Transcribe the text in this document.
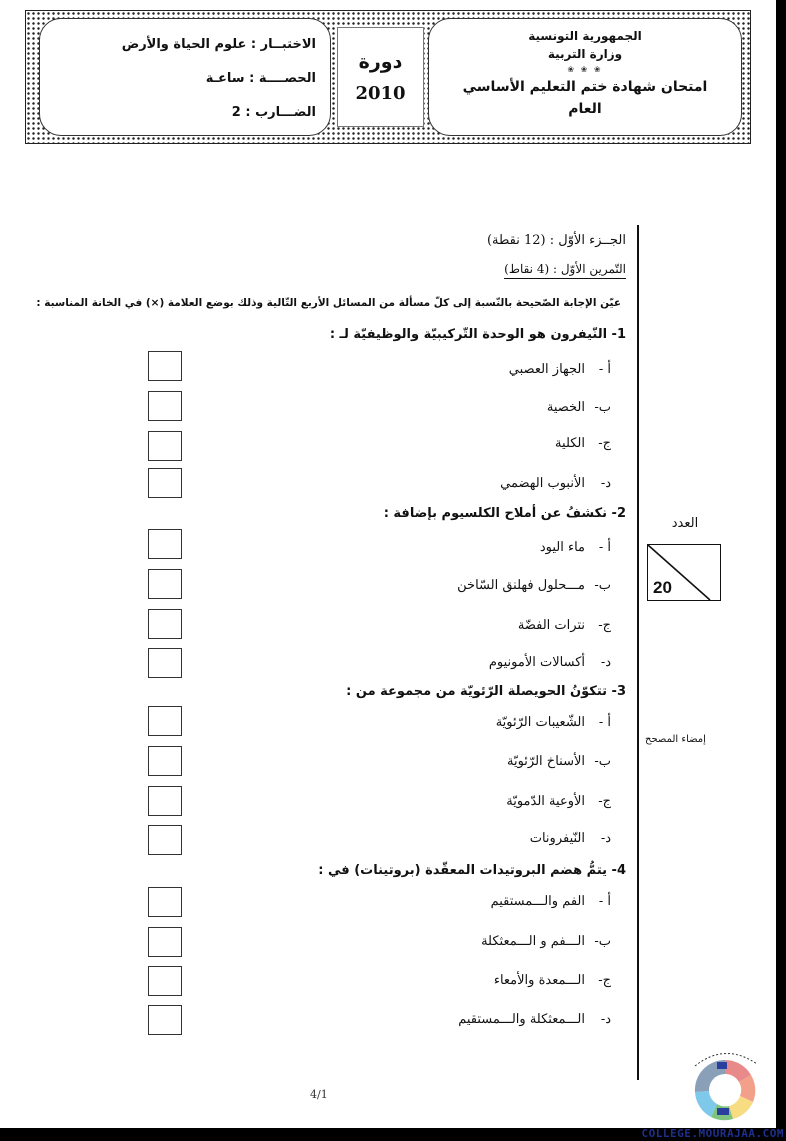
الاختبــار : علوم الحياة والأرض
الحصــــة : ساعـة
الضـــارب : 2
دورة
2010
الجمهورية التونسية
وزارة التربية
❀ ❀ ❀
امتحان شهادة ختم التعليم الأساسي
العام
العدد
20
إمضاء المصحح
الجــزء الأوّل : (12 نقطة)
التّمرين الأوّل : (4 نقاط)
عيّن الإجابة الصّحيحة بالنّسبة إلى كلّ مسألة من المسائل الأربع التّالية وذلك بوضع العلامة (×) في الخانة المناسبة :
1- النّيفرون هو الوحدة التّركيبيّة والوظيفيّة لـ :
أ -الجهاز العصبي
ب-الخصية
ج-الكلية
د-الأنبوب الهضمي
2- نكشفُ عن أملاح الكلسيوم بإضافة :
أ -ماء اليود
ب-مـــحلول فهلنق السّاخن
ج-نترات الفضّة
د-أكسالات الأمونيوم
3- تتكوّنُ الحويصلة الرّئويّة من مجموعة من :
أ -الشّعيبات الرّئويّة
ب-الأسناخ الرّئويّة
ج-الأوعية الدّمويّة
د-النّيفرونات
4- يتمُّ هضم البروتيدات المعقّدة (بروتينات) في :
أ -الفم والـــمستقيم
ب-الـــفم و الـــمعثكلة
ج-الـــمعدة والأمعاء
د-الـــمعثكلة والـــمستقيم
4/1
COLLEGE.MOURAJAA.COM
